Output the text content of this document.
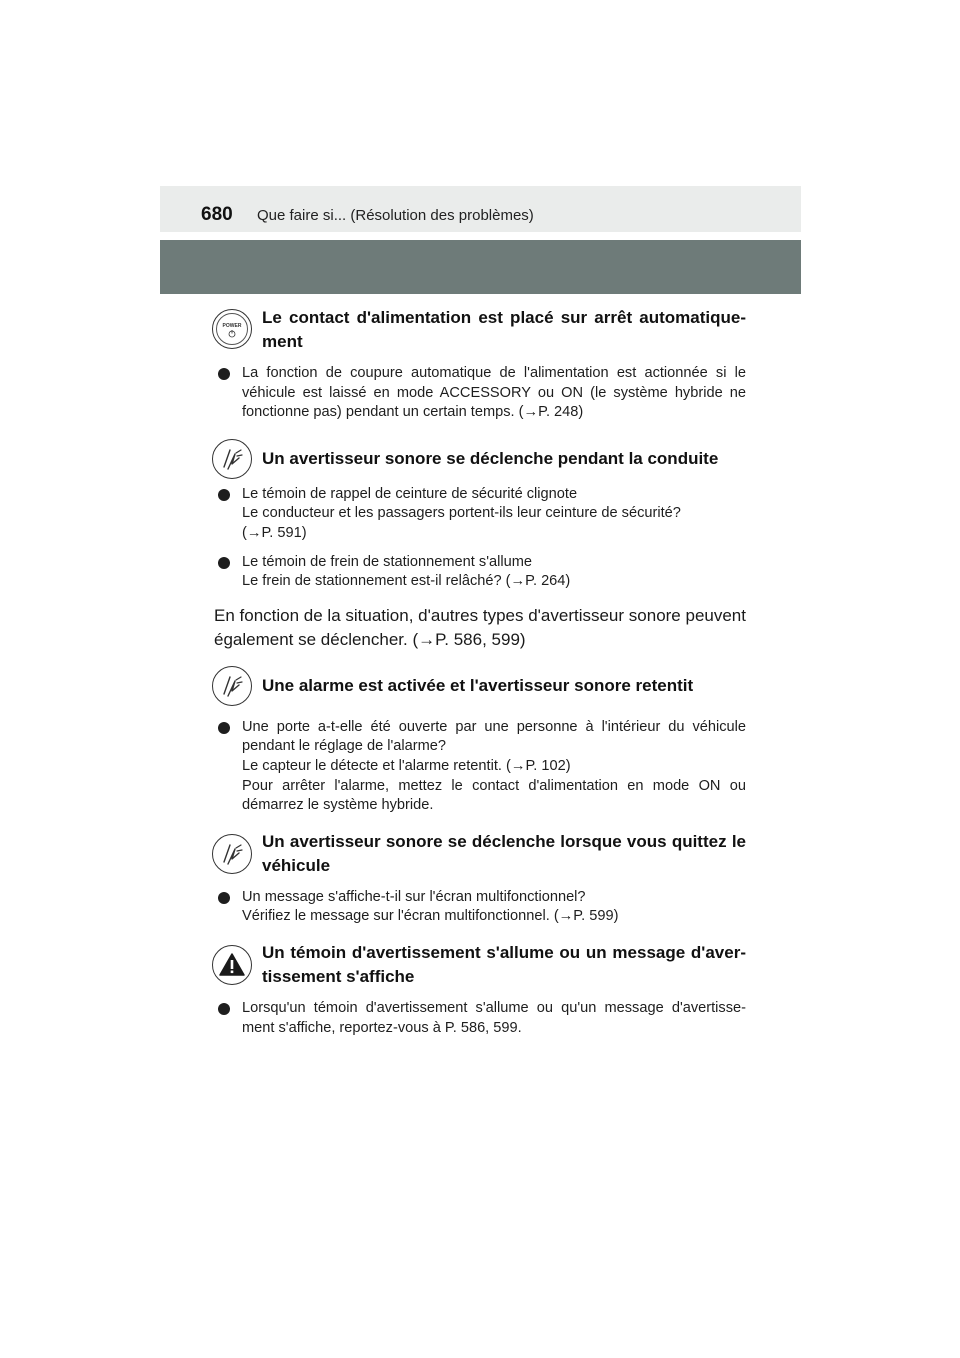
680 Que faire si... (Résolution des problèmes)
POWER Le contact d'alimentation est placé sur arrêt automatique-ment
La fonction de coupure automatique de l'alimentation est actionnée si le véhicule est laissé en mode ACCESSORY ou ON (le système hybride ne fonctionne pas) pendant un certain temps. (→P. 248)
Un avertisseur sonore se déclenche pendant la conduite
Le témoin de rappel de ceinture de sécurité clignote
Le conducteur et les passagers portent-ils leur ceinture de sécurité?
(→P. 591)
Le témoin de frein de stationnement s'allume
Le frein de stationnement est-il relâché? (→P. 264)
En fonction de la situation, d'autres types d'avertisseur sonore peuvent également se déclencher. (→P. 586, 599)
Une alarme est activée et l'avertisseur sonore retentit
Une porte a-t-elle été ouverte par une personne à l'intérieur du véhicule pendant le réglage de l'alarme?
Le capteur le détecte et l'alarme retentit. (→P. 102)
Pour arrêter l'alarme, mettez le contact d'alimentation en mode ON ou démarrez le système hybride.
Un avertisseur sonore se déclenche lorsque vous quittez le véhicule
Un message s'affiche-t-il sur l'écran multifonctionnel?
Vérifiez le message sur l'écran multifonctionnel. (→P. 599)
Un témoin d'avertissement s'allume ou un message d'aver-tissement s'affiche
Lorsqu'un témoin d'avertissement s'allume ou qu'un message d'avertisse-ment s'affiche, reportez-vous à P. 586, 599.
